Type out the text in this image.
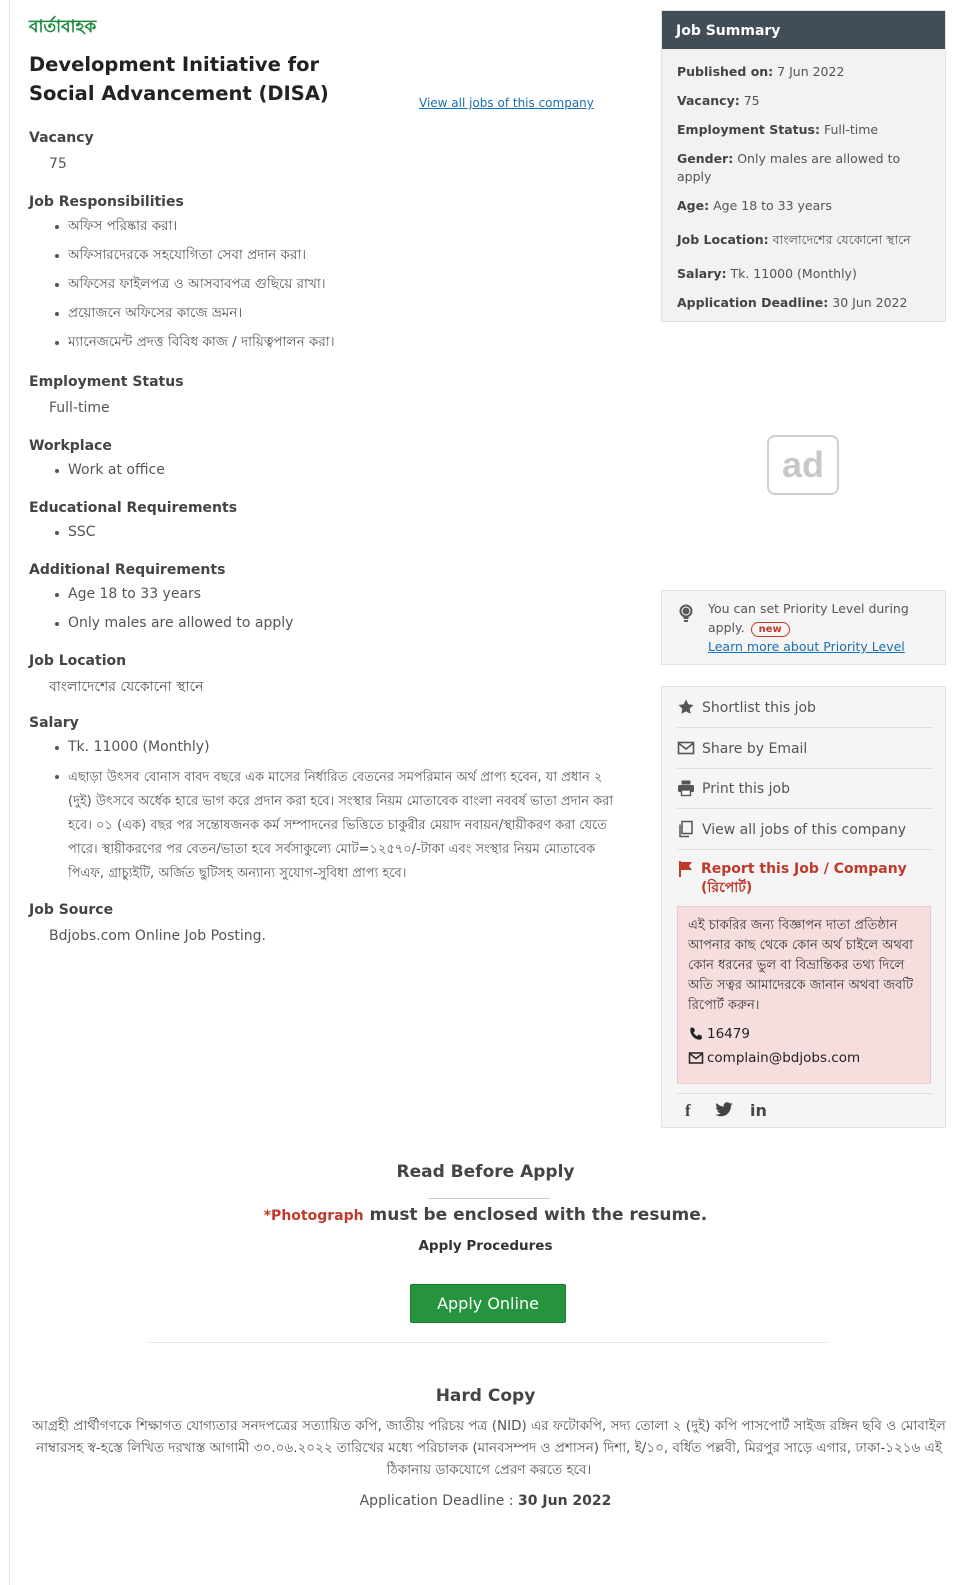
বার্তাবাহক
Development Initiative for Social Advancement (DISA)
Vacancy
75
Job Responsibilities
অফিস পরিষ্কার করা।
অফিসারদেরকে সহযোগিতা সেবা প্রদান করা।
অফিসের ফাইলপত্র ও আসবাবপত্র গুছিয়ে রাখা।
প্রয়োজনে অফিসের কাজে ভ্রমন।
ম্যানেজমেন্ট প্রদত্ত বিবিধ কাজ / দায়িত্বপালন করা।
Employment Status
Full-time
Workplace
Work at office
Educational Requirements
SSC
Additional Requirements
Age 18 to 33 years
Only males are allowed to apply
Job Location
বাংলাদেশের যেকোনো স্থানে
Salary
Tk. 11000 (Monthly)
এছাড়া উৎসব বোনাস বাবদ বছরে এক মাসের নির্ধারিত বেতনের সমপরিমান অর্থ প্রাপ্য হবেন, যা প্রধান ২ (দুই) উৎসবে অর্ধেক হারে ভাগ করে প্রদান করা হবে। সংস্থার নিয়ম মোতাবেক বাংলা নববর্ষ ভাতা প্রদান করা হবে। ০১ (এক) বছর পর সন্তোষজনক কর্ম সম্পাদনের ভিত্তিতে চাকুরীর মেয়াদ নবায়ন/স্থায়ীকরণ করা যেতে পারে। স্থায়ীকরণের পর বেতন/ভাতা হবে সর্বসাকুল্যে মোট=১২৫৭০/-টাকা এবং সংস্থার নিয়ম মোতাবেক পিএফ, গ্রাচ্যুইটি, অর্জিত ছুটিসহ অন্যান্য সুযোগ-সুবিধা প্রাপ্য হবে।
Job Source
Bdjobs.com Online Job Posting.
View all jobs of this company
Job Summary
Published on: 7 Jun 2022
Vacancy: 75
Employment Status: Full-time
Gender: Only males are allowed to apply
Age: Age 18 to 33 years
Job Location: বাংলাদেশের যেকোনো স্থানে
Salary: Tk. 11000 (Monthly)
Application Deadline: 30 Jun 2022
ad
You can set Priority Level during apply. new
Learn more about Priority Level
Shortlist this job
Share by Email
Print this job
View all jobs of this company
Report this Job / Company (রিপোর্ট)
এই চাকরির জন্য বিজ্ঞাপন দাতা প্রতিষ্ঠান আপনার কাছ থেকে কোন অর্থ চাইলে অথবা কোন ধরনের ভুল বা বিভ্রান্তিকর তথ্য দিলে অতি সত্বর আমাদেরকে জানান অথবা জবটি রিপোর্ট করুন।
16479
complain@bdjobs.com
f	in
Read Before Apply
*Photograph must be enclosed with the resume.
Apply Procedures
Apply Online
Hard Copy
আগ্রহী প্রার্থীগণকে শিক্ষাগত যোগ্যতার সনদপত্রের সত্যায়িত কপি, জাতীয় পরিচয় পত্র (NID) এর ফটোকপি, সদ্য তোলা ২ (দুই) কপি পাসপোর্ট সাইজ রঙ্গিন ছবি ও মোবাইল নাম্বারসহ স্ব-হস্তে লিখিত দরখাস্ত আগামী ৩০.০৬.২০২২ তারিখের মধ্যে পরিচালক (মানবসম্পদ ও প্রশাসন) দিশা, ই/১০, বর্ধিত পল্লবী, মিরপুর সাড়ে এগার, ঢাকা-১২১৬ এই ঠিকানায় ডাকযোগে প্রেরণ করতে হবে।
Application Deadline : 30 Jun 2022
